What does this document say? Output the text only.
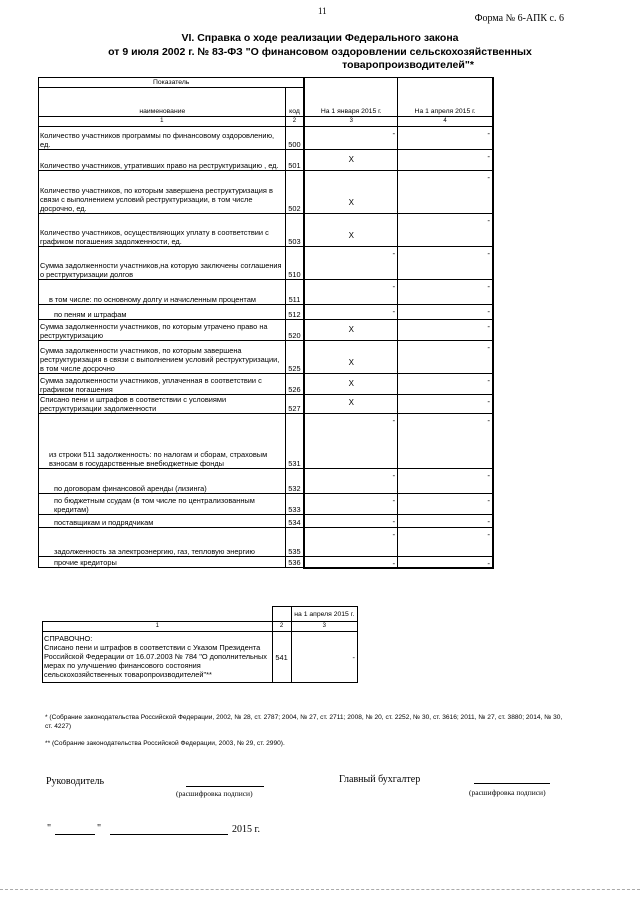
11
Форма № 6-АПК с. 6
VI. Справка о ходе реализации Федерального закона
от 9 июля 2002 г. № 83-ФЗ "О финансовом оздоровлении сельскохозяйственных
товаропроизводителей"*
Показатель		На 1 января 2015 г.	На 1 апреля 2015 г.
наименование	код		
1	2	3	4
Количество участников программы по финансовому оздоровлению, ед.	500	-	-

Количество участников, утративших право на реструктуризацию , ед.	501	X	-

Количество участников, по которым завершена реструктуризация в связи с выполнением условий реструктуризации, в том числе досрочно, ед.	502	X	-

Количество участников, осуществляющих уплату в соответствии с графиком погашения задолженности, ед.	503	X	-

Сумма задолженности участников,на которую заключены соглашения о реструктуризации долгов	510	-	-

в том числе: по основному долгу и начисленным процентам	511	-	-

по пеням и штрафам	512	-	-

Сумма задолженности участников, по которым утрачено право на реструктуризацию	520	X	-

Сумма задолженности участников, по которым завершена реструктуризация в связи с выполнением условий реструктуризации, в том числе досрочно	525	X	-

Сумма задолженности участников, уплаченная в соответствии с графиком погашения	526	X	-

Списано пени и штрафов в соответствии с условиями реструктуризации задолженности	527	X	-

из строки 511 задолженность: по налогам и сборам, страховым взносам в государственные внебюджетные фонды	531	-	-

по договорам финансовой аренды (лизинга)	532	-	-

по бюджетным ссудам (в том числе по централизованным кредитам)	533	-	-

поставщикам и подрядчикам	534	-	-

задолженность за электроэнергию, газ, тепловую энергию	535	-	-

прочие кредиторы	536	-	-
		на 1 апреля 2015 г.
1	2	3

СПРАВОЧНО:
Списано пени и штрафов в соответствии с Указом Президента Российской Федерации от 16.07.2003 № 784 "О дополнительных мерах по улучшению финансового состояния сельскохозяйственных товаропроизводителей"**	541	-
* (Собрание законодательства Российской Федерации, 2002, № 28, ст. 2787; 2004, № 27, ст. 2711; 2008, № 20, ст. 2252, № 30, ст. 3616; 2011, № 27, ст. 3880; 2014, № 30, ст. 4227)
** (Собрание законодательства Российской Федерации, 2003, № 29, ст. 2990).
Руководитель
(расшифровка подписи)
Главный бухгалтер
(расшифровка подписи)
"	"	2015 г.
